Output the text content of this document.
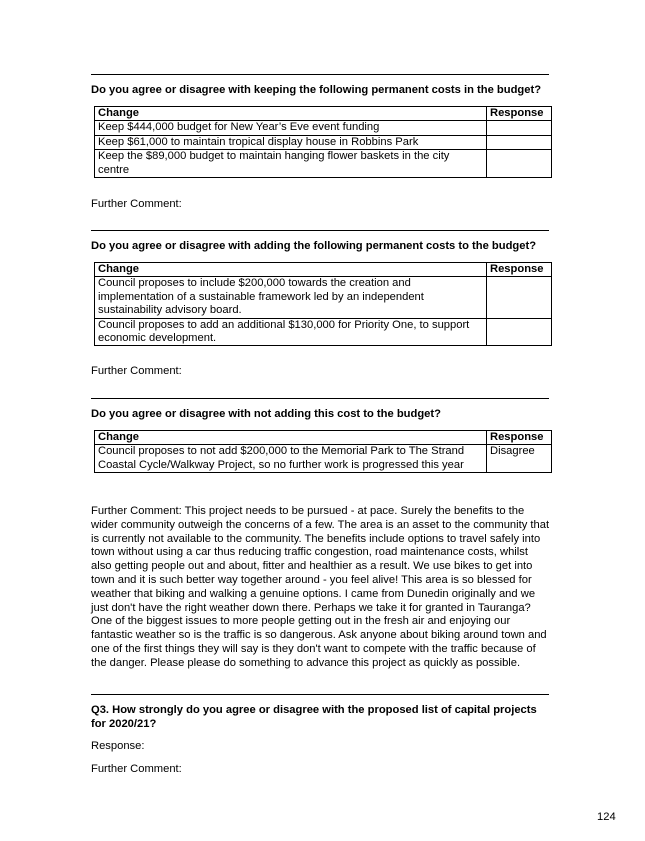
Do you agree or disagree with keeping the following permanent costs in the budget?
Change	Response
Keep $444,000 budget for New Year’s Eve event funding	
Keep $61,000 to maintain tropical display house in Robbins Park	
Keep the $89,000 budget to maintain hanging flower baskets in the city centre	
Further Comment:
Do you agree or disagree with adding the following permanent costs to the budget?
Change	Response
Council proposes to include $200,000 towards the creation and implementation of a sustainable framework led by an independent sustainability advisory board.	
Council proposes to add an additional $130,000 for Priority One, to support economic development.	
Further Comment:
Do you agree or disagree with not adding this cost to the budget?
Change	Response
Council proposes to not add $200,000 to the Memorial Park to The Strand Coastal Cycle/Walkway Project, so no further work is progressed this year	Disagree
Further Comment: This project needs to be pursued - at pace. Surely the benefits to the wider community outweigh the concerns of a few. The area is an asset to the community that is currently not available to the community. The benefits include options to travel safely into town without using a car thus reducing traffic congestion, road maintenance costs, whilst also getting people out and about, fitter and healthier as a result. We use bikes to get into town and it is such better way together around - you feel alive! This area is so blessed for weather that biking and walking a genuine options. I came from Dunedin originally and we just don't have the right weather down there. Perhaps we take it for granted in Tauranga? One of the biggest issues to more people getting out in the fresh air and enjoying our fantastic weather so is the traffic is so dangerous. Ask anyone about biking around town and one of the first things they will say is they don't want to compete with the traffic because of the danger. Please please do something to advance this project as quickly as possible.
Q3. How strongly do you agree or disagree with the proposed list of capital projects for 2020/21?
Response:
Further Comment:
124
